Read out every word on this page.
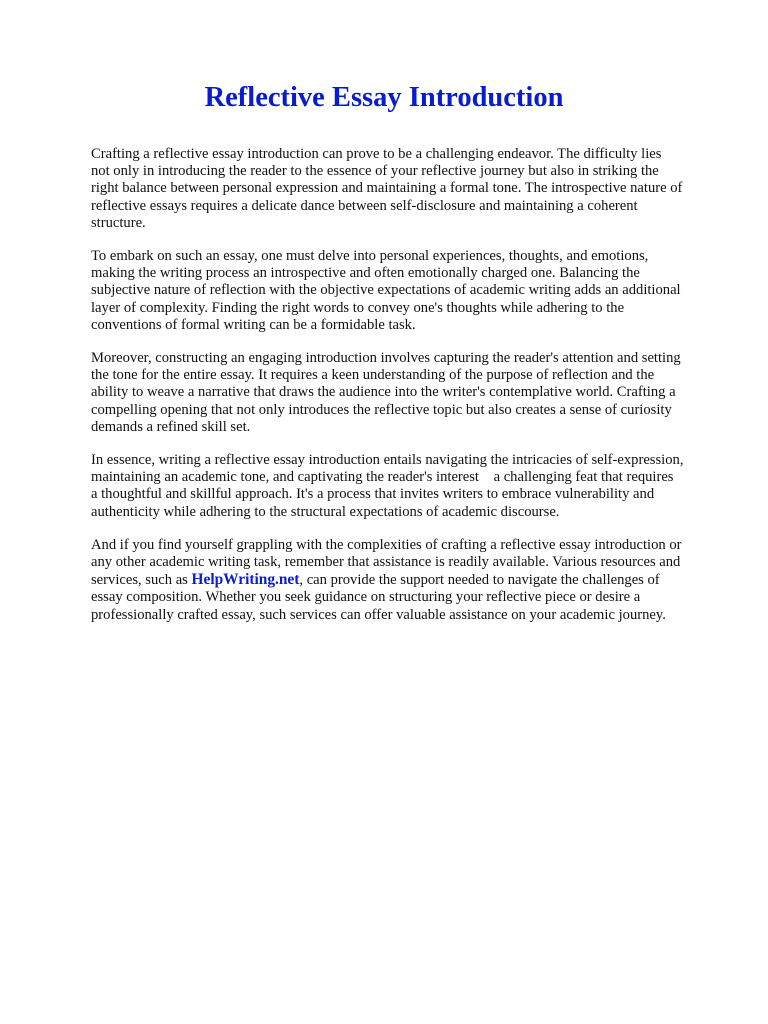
Reflective Essay Introduction

Crafting a reflective essay introduction can prove to be a challenging endeavor. The difficulty lies
not only in introducing the reader to the essence of your reflective journey but also in striking the
right balance between personal expression and maintaining a formal tone. The introspective nature of
reflective essays requires a delicate dance between self-disclosure and maintaining a coherent
structure.

To embark on such an essay, one must delve into personal experiences, thoughts, and emotions,
making the writing process an introspective and often emotionally charged one. Balancing the
subjective nature of reflection with the objective expectations of academic writing adds an additional
layer of complexity. Finding the right words to convey one's thoughts while adhering to the
conventions of formal writing can be a formidable task.

Moreover, constructing an engaging introduction involves capturing the reader's attention and setting
the tone for the entire essay. It requires a keen understanding of the purpose of reflection and the
ability to weave a narrative that draws the audience into the writer's contemplative world. Crafting a
compelling opening that not only introduces the reflective topic but also creates a sense of curiosity
demands a refined skill set.

In essence, writing a reflective essay introduction entails navigating the intricacies of self-expression,
maintaining an academic tone, and captivating the reader's interest    a challenging feat that requires
a thoughtful and skillful approach. It's a process that invites writers to embrace vulnerability and
authenticity while adhering to the structural expectations of academic discourse.

And if you find yourself grappling with the complexities of crafting a reflective essay introduction or
any other academic writing task, remember that assistance is readily available. Various resources and
services, such as HelpWriting.net, can provide the support needed to navigate the challenges of
essay composition. Whether you seek guidance on structuring your reflective piece or desire a
professionally crafted essay, such services can offer valuable assistance on your academic journey.
